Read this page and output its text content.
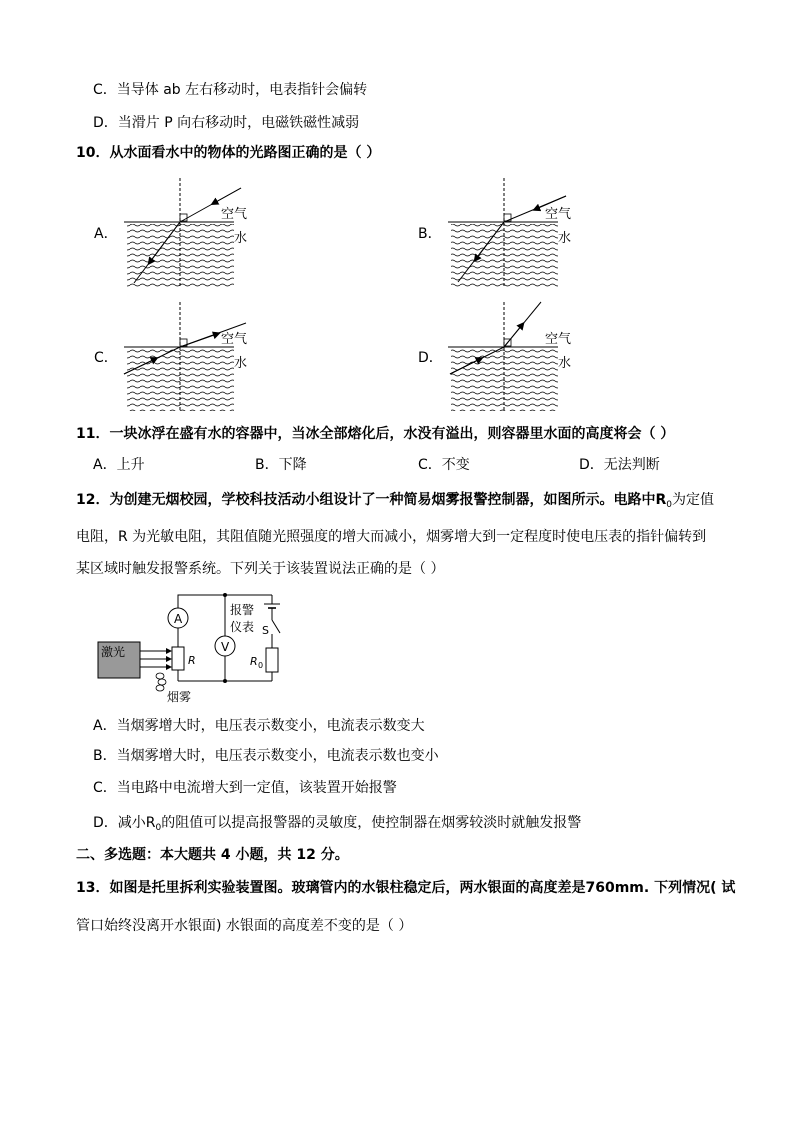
C．当导体 ab 左右移动时，电表指针会偏转
D．当滑片 P 向右移动时，电磁铁磁性减弱
10．从水面看水中的物体的光路图正确的是（ ）
A．	B．
C．	D．
空气
水
空气
水
空气
水
空气
水
11．一块冰浮在盛有水的容器中，当冰全部熔化后，水没有溢出，则容器里水面的高度将会（ ）
A．上升	B．下降	C．不变	D．无法判断
12．为创建无烟校园，学校科技活动小组设计了一种简易烟雾报警控制器，如图所示。电路中$R_0$为定值
电阻，R 为光敏电阻，其阻值随光照强度的增大而减小，烟雾增大到一定程度时使电压表的指针偏转到
某区域时触发报警系统。下列关于该装置说法正确的是（ ）
激光
A
R
V
报警
仪表 S
R 0
烟雾
A．当烟雾增大时，电压表示数变小，电流表示数变大
B．当烟雾增大时，电压表示数变小，电流表示数也变小
C．当电路中电流增大到一定值，该装置开始报警
D．减小$R_0$的阻值可以提高报警器的灵敏度，使控制器在烟雾较淡时就触发报警
二、多选题：本大题共 4 小题，共 12 分。
13．如图是托里拆利实验装置图。玻璃管内的水银柱稳定后，两水银面的高度差是760mm. 下列情况( 试
管口始终没离开水银面) 水银面的高度差不变的是（ ）
